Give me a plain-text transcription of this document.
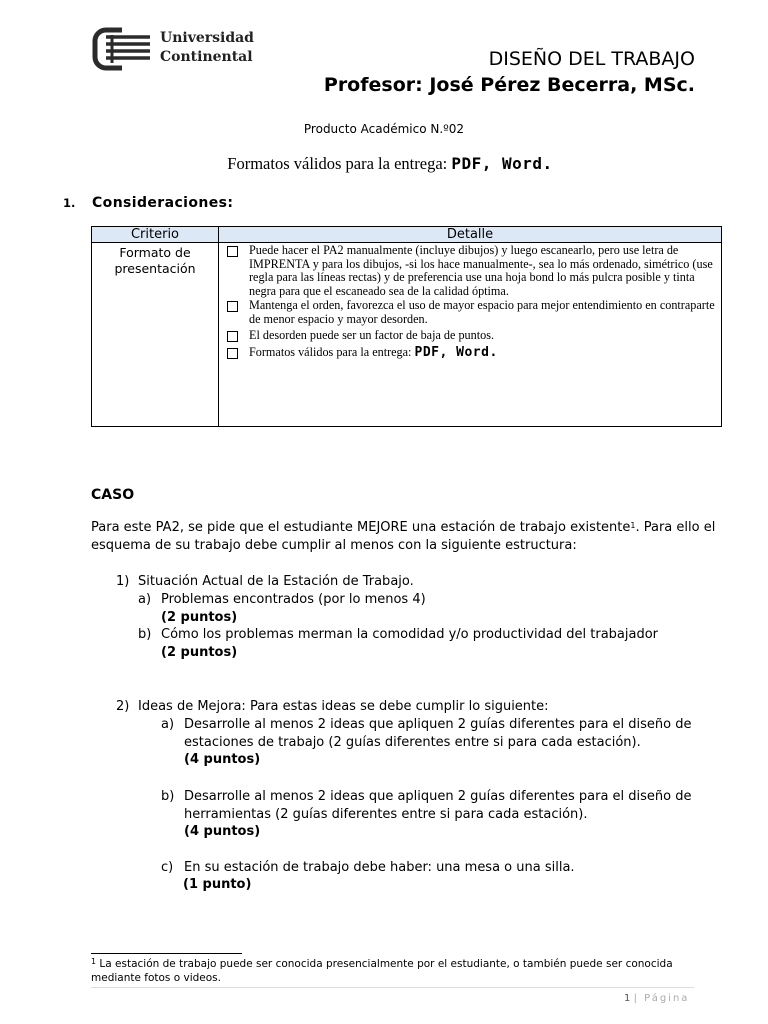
Universidad
Continental	DISEÑO DEL TRABAJO
Profesor: José Pérez Becerra, MSc.
Producto Académico N.º02
Formatos válidos para la entrega: PDF, Word.
1. Consideraciones:
Criterio	Detalle
Formato de presentación	Puede hacer el PA2 manualmente (incluye dibujos) y luego escanearlo, pero use letra de IMPRENTA y para los dibujos, -si los hace manualmente-, sea lo más ordenado, simétrico (use regla para las líneas rectas) y de preferencia use una hoja bond lo más pulcra posible y tinta negra para que el escaneado sea de la calidad óptima.
Mantenga el orden, favorezca el uso de mayor espacio para mejor entendimiento en contraparte de menor espacio y mayor desorden.
El desorden puede ser un factor de baja de puntos.
Formatos válidos para la entrega: PDF, Word.
CASO
Para este PA2, se pide que el estudiante MEJORE una estación de trabajo existente$^1$. Para ello el esquema de su trabajo debe cumplir al menos con la siguiente estructura:
1) Situación Actual de la Estación de Trabajo.
a) Problemas encontrados (por lo menos 4)
(2 puntos)
b) Cómo los problemas merman la comodidad y/o productividad del trabajador
(2 puntos)
2) Ideas de Mejora: Para estas ideas se debe cumplir lo siguiente:
a) Desarrolle al menos 2 ideas que apliquen 2 guías diferentes para el diseño de
estaciones de trabajo (2 guías diferentes entre si para cada estación).
(4 puntos)
b) Desarrolle al menos 2 ideas que apliquen 2 guías diferentes para el diseño de
herramientas (2 guías diferentes entre si para cada estación).
(4 puntos)
c) En su estación de trabajo debe haber: una mesa o una silla.
(1 punto)
$^1$ La estación de trabajo puede ser conocida presencialmente por el estudiante, o también puede ser conocida mediante fotos o videos.
1 | Página
